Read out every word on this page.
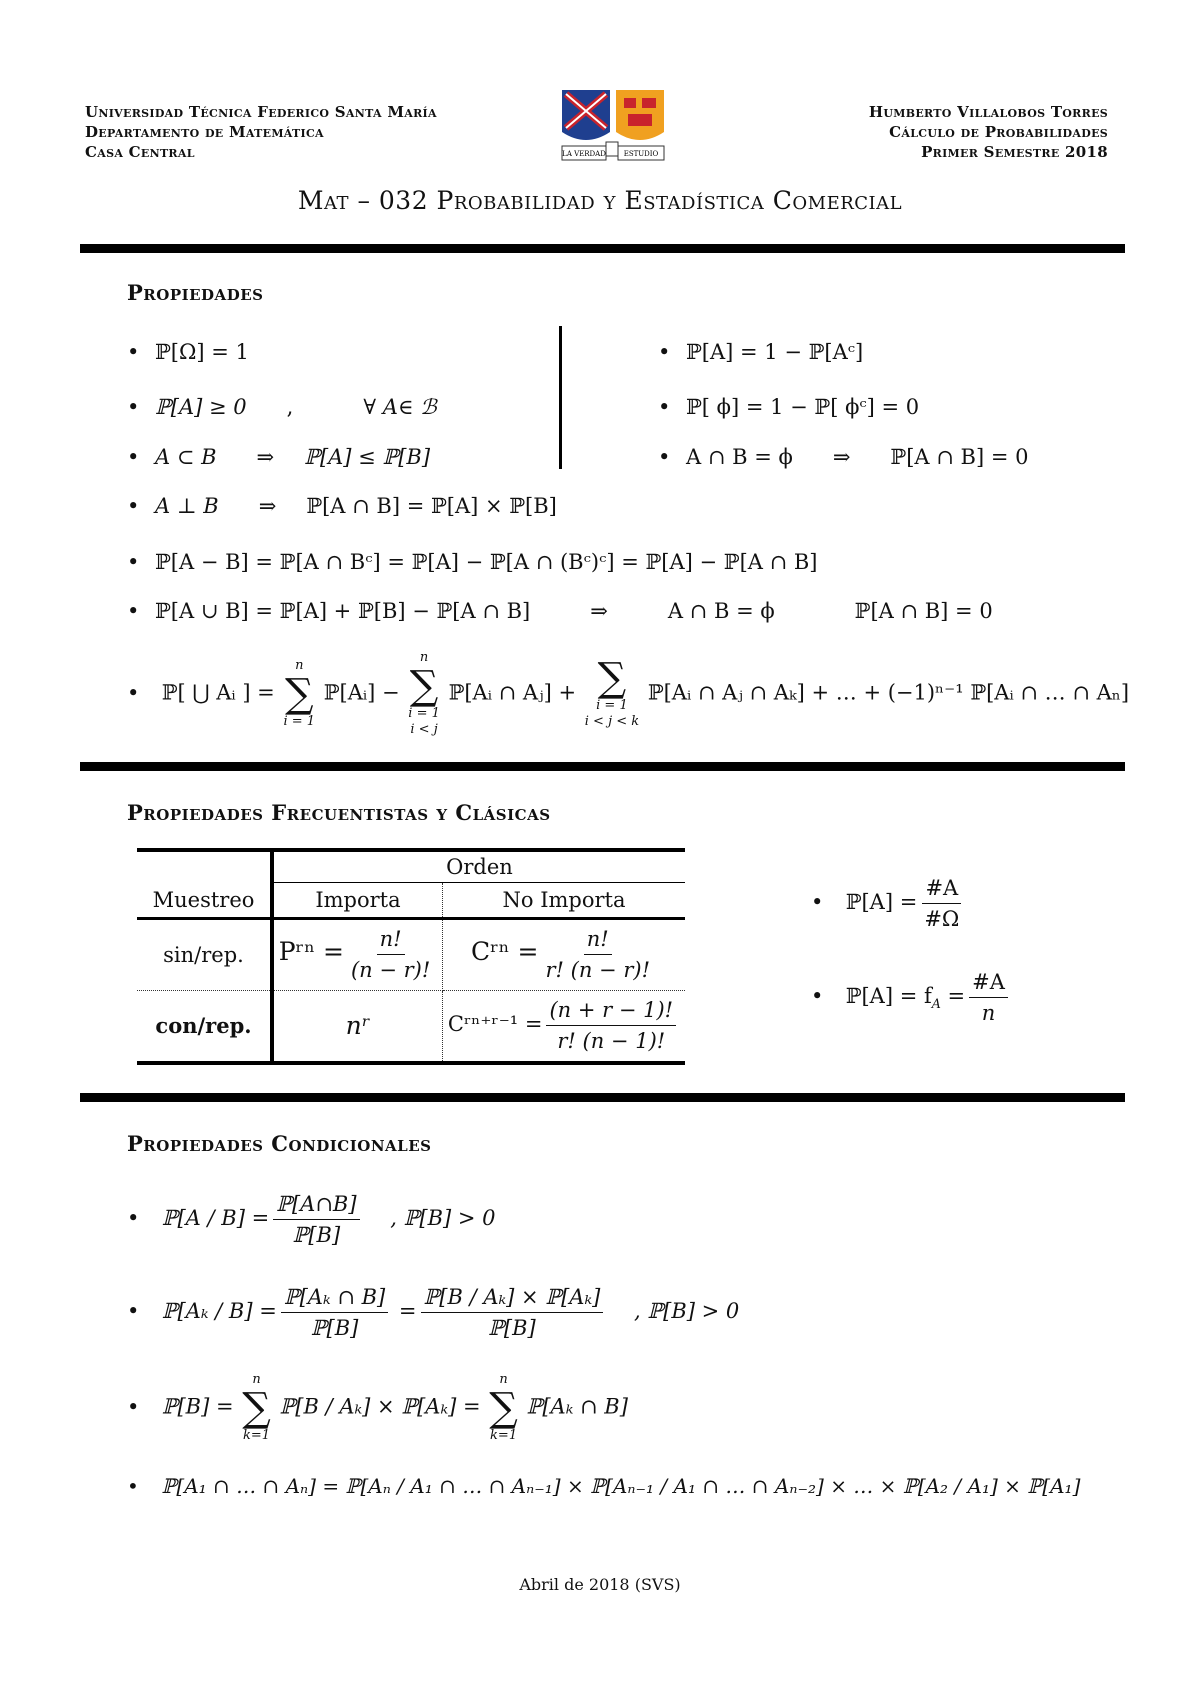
Universidad Técnica Federico Santa María
Departamento de Matemática
Casa Central	LA VERDAD	ESTUDIO
Humberto Villalobos Torres
Cálculo de Probabilidades
Primer Semestre 2018
Mat – 032 Probabilidad y Estadística Comercial
Propiedades
• ℙ[Ω] = 1
• ℙ[A] ≥ 0 ,	∀ A∈ ℬ
• A ⊂ B ⇒ ℙ[A] ≤ ℙ[B]
• ℙ[A] = 1 − ℙ[Aᶜ]
• ℙ[ ϕ] = 1 − ℙ[ ϕᶜ] = 0
• A ∩ B = ϕ ⇒ ℙ[A ∩ B] = 0
• A ⊥ B ⇒ ℙ[A ∩ B] = ℙ[A] × ℙ[B]
• ℙ[A − B] = ℙ[A ∩ Bᶜ] = ℙ[A] − ℙ[A ∩ (Bᶜ)ᶜ] = ℙ[A] − ℙ[A ∩ B]
• ℙ[A ∪ B] = ℙ[A] + ℙ[B] − ℙ[A ∩ B]	⇒	A ∩ B = ϕ	ℙ[A ∩ B] = 0
• ℙ[ ⋃ Aᵢ ] =
n
∑
i = 1
ℙ[Aᵢ] −
n
∑
i = 1
i < j
ℙ[Aᵢ ∩ Aⱼ] + ∑
i = 1
i < j < k
ℙ[Aᵢ ∩ Aⱼ ∩ Aₖ] + … + (−1)ⁿ⁻¹ ℙ[Aᵢ ∩ … ∩ Aₙ]
Propiedades Frecuentistas y Clásicas
	Orden	
Muestreo	Importa	No Importa
sin/rep.	Pʳⁿ = $\frac{n!}{(n - r)!}$	Cʳⁿ = $\frac{n!}{r! (n - r)!}$

con/rep.	nʳ	Cʳⁿ⁺ʳ⁻¹ = $\frac{(n + r - 1)!}{r! (n - 1)!}$
• ℙ[A] = $\frac{\#A}{\#\Omega}$
• ℙ[A] = $f_A = \frac{\#A}{n}$
Propiedades Condicionales
• ℙ[A / $B] = \frac{\text{ℙ[A∩B]}}{\text{ℙ[B]}}$ , ℙ[B] > 0
• ℙ[Aₖ / $B] = \frac{\text{ℙ[Aₖ ∩ B]}}{\text{ℙ[B]}} = \frac{\text{ℙ[B / Aₖ] × ℙ[Aₖ]}}{\text{ℙ[B]}}$ , ℙ[B] > 0
• ℙ[B] =
n
∑
k=1
ℙ[B / Aₖ] × ℙ[Aₖ] =
n
∑
k=1
ℙ[Aₖ ∩ B]
• ℙ[A₁ ∩ … ∩ Aₙ] = ℙ[Aₙ / A₁ ∩ … ∩ Aₙ₋₁] × ℙ[Aₙ₋₁ / A₁ ∩ … ∩ Aₙ₋₂] × … × ℙ[A₂ / A₁] × ℙ[A₁]
Abril de 2018 (SVS)
